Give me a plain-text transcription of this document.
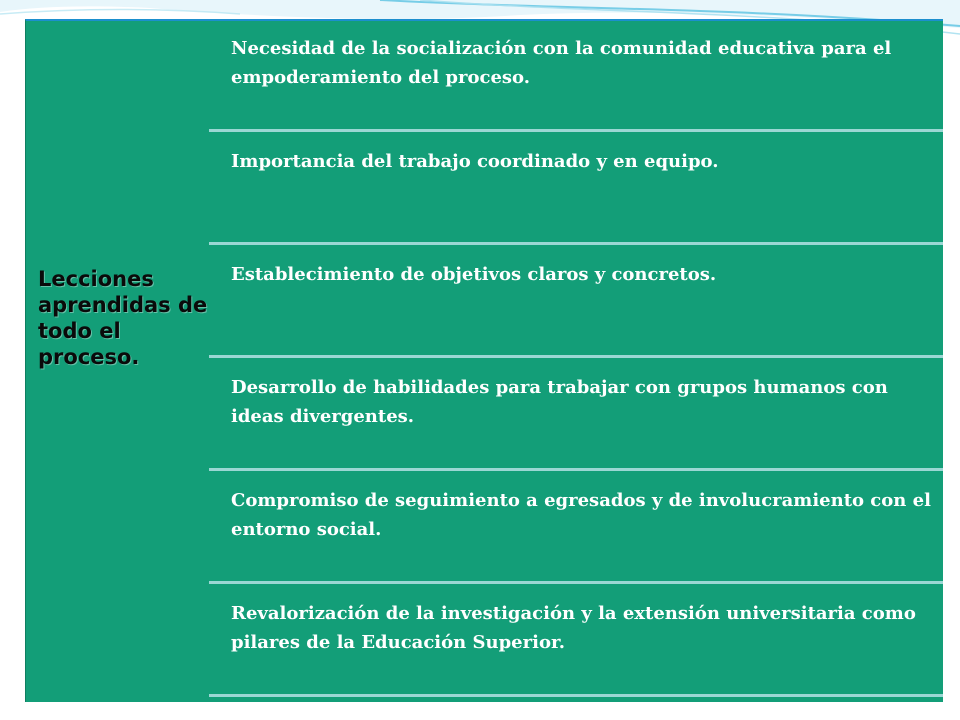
Lecciones aprendidas de todo el proceso.
Necesidad de la socialización con la comunidad educativa para el empoderamiento del proceso.
Importancia del trabajo coordinado y en equipo.
Establecimiento de objetivos claros y concretos.
Desarrollo de habilidades para trabajar con grupos humanos con ideas divergentes.
Compromiso de seguimiento a egresados y de involucramiento con el entorno social.
Revalorización de la investigación y la extensión universitaria como pilares de la Educación Superior.
